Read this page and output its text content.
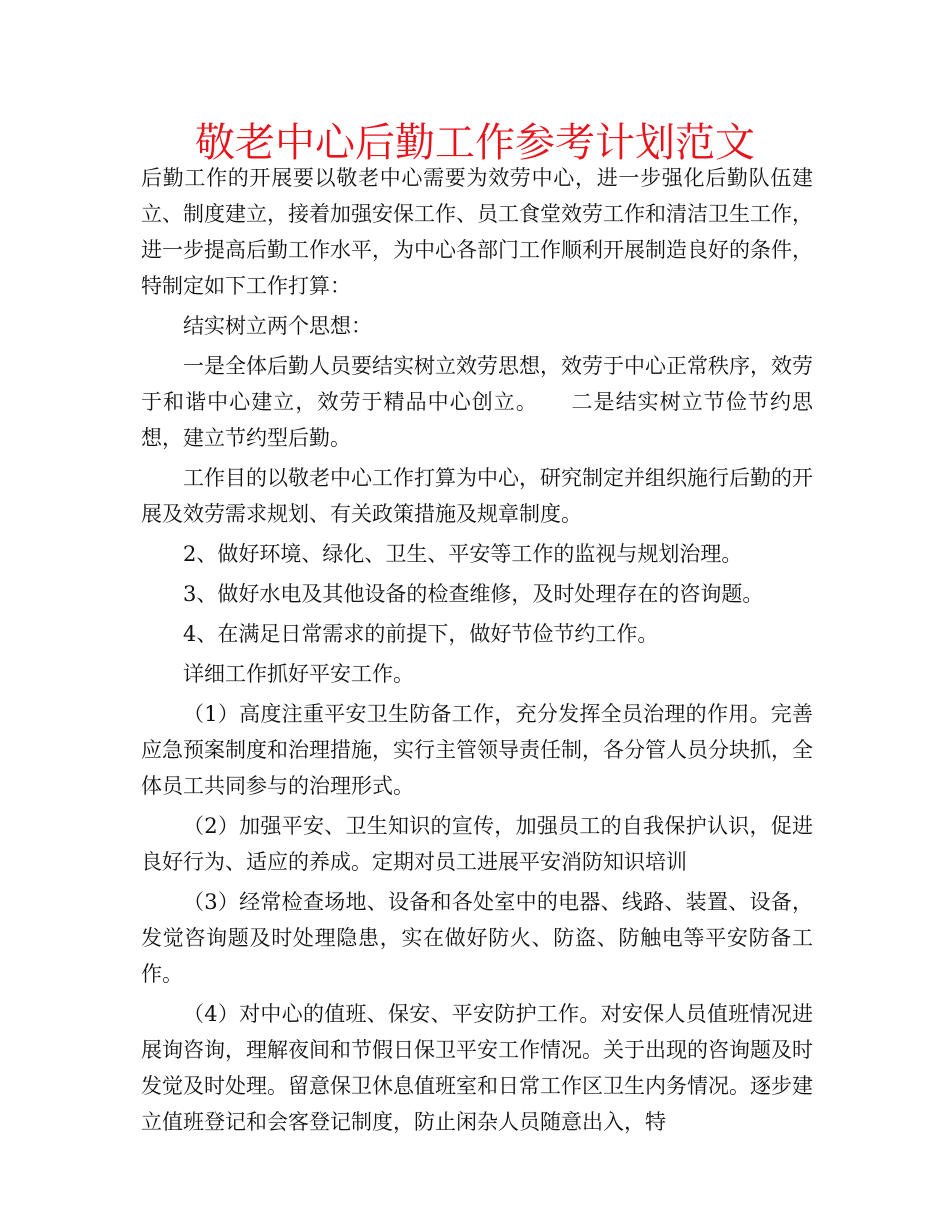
敬老中心后勤工作参考计划范文

后勤工作的开展要以敬老中心需要为效劳中心，进一步强化后勤队伍建立、制度建立，接着加强安保工作、员工食堂效劳工作和清洁卫生工作，进一步提高后勤工作水平，为中心各部门工作顺利开展制造良好的条件，特制定如下工作打算：

结实树立两个思想：

一是全体后勤人员要结实树立效劳思想，效劳于中心正常秩序，效劳于和谐中心建立，效劳于精品中心创立。　　二是结实树立节俭节约思想，建立节约型后勤。

工作目的以敬老中心工作打算为中心，研究制定并组织施行后勤的开展及效劳需求规划、有关政策措施及规章制度。

2、做好环境、绿化、卫生、平安等工作的监视与规划治理。

3、做好水电及其他设备的检查维修，及时处理存在的咨询题。

4、在满足日常需求的前提下，做好节俭节约工作。

详细工作抓好平安工作。

（1）高度注重平安卫生防备工作，充分发挥全员治理的作用。完善应急预案制度和治理措施，实行主管领导责任制，各分管人员分块抓，全体员工共同参与的治理形式。

（2）加强平安、卫生知识的宣传，加强员工的自我保护认识，促进良好行为、适应的养成。定期对员工进展平安消防知识培训

（3）经常检查场地、设备和各处室中的电器、线路、装置、设备，发觉咨询题及时处理隐患，实在做好防火、防盗、防触电等平安防备工作。

（4）对中心的值班、保安、平安防护工作。对安保人员值班情况进展询咨询，理解夜间和节假日保卫平安工作情况。关于出现的咨询题及时发觉及时处理。留意保卫休息值班室和日常工作区卫生内务情况。逐步建立值班登记和会客登记制度，防止闲杂人员随意出入，特
